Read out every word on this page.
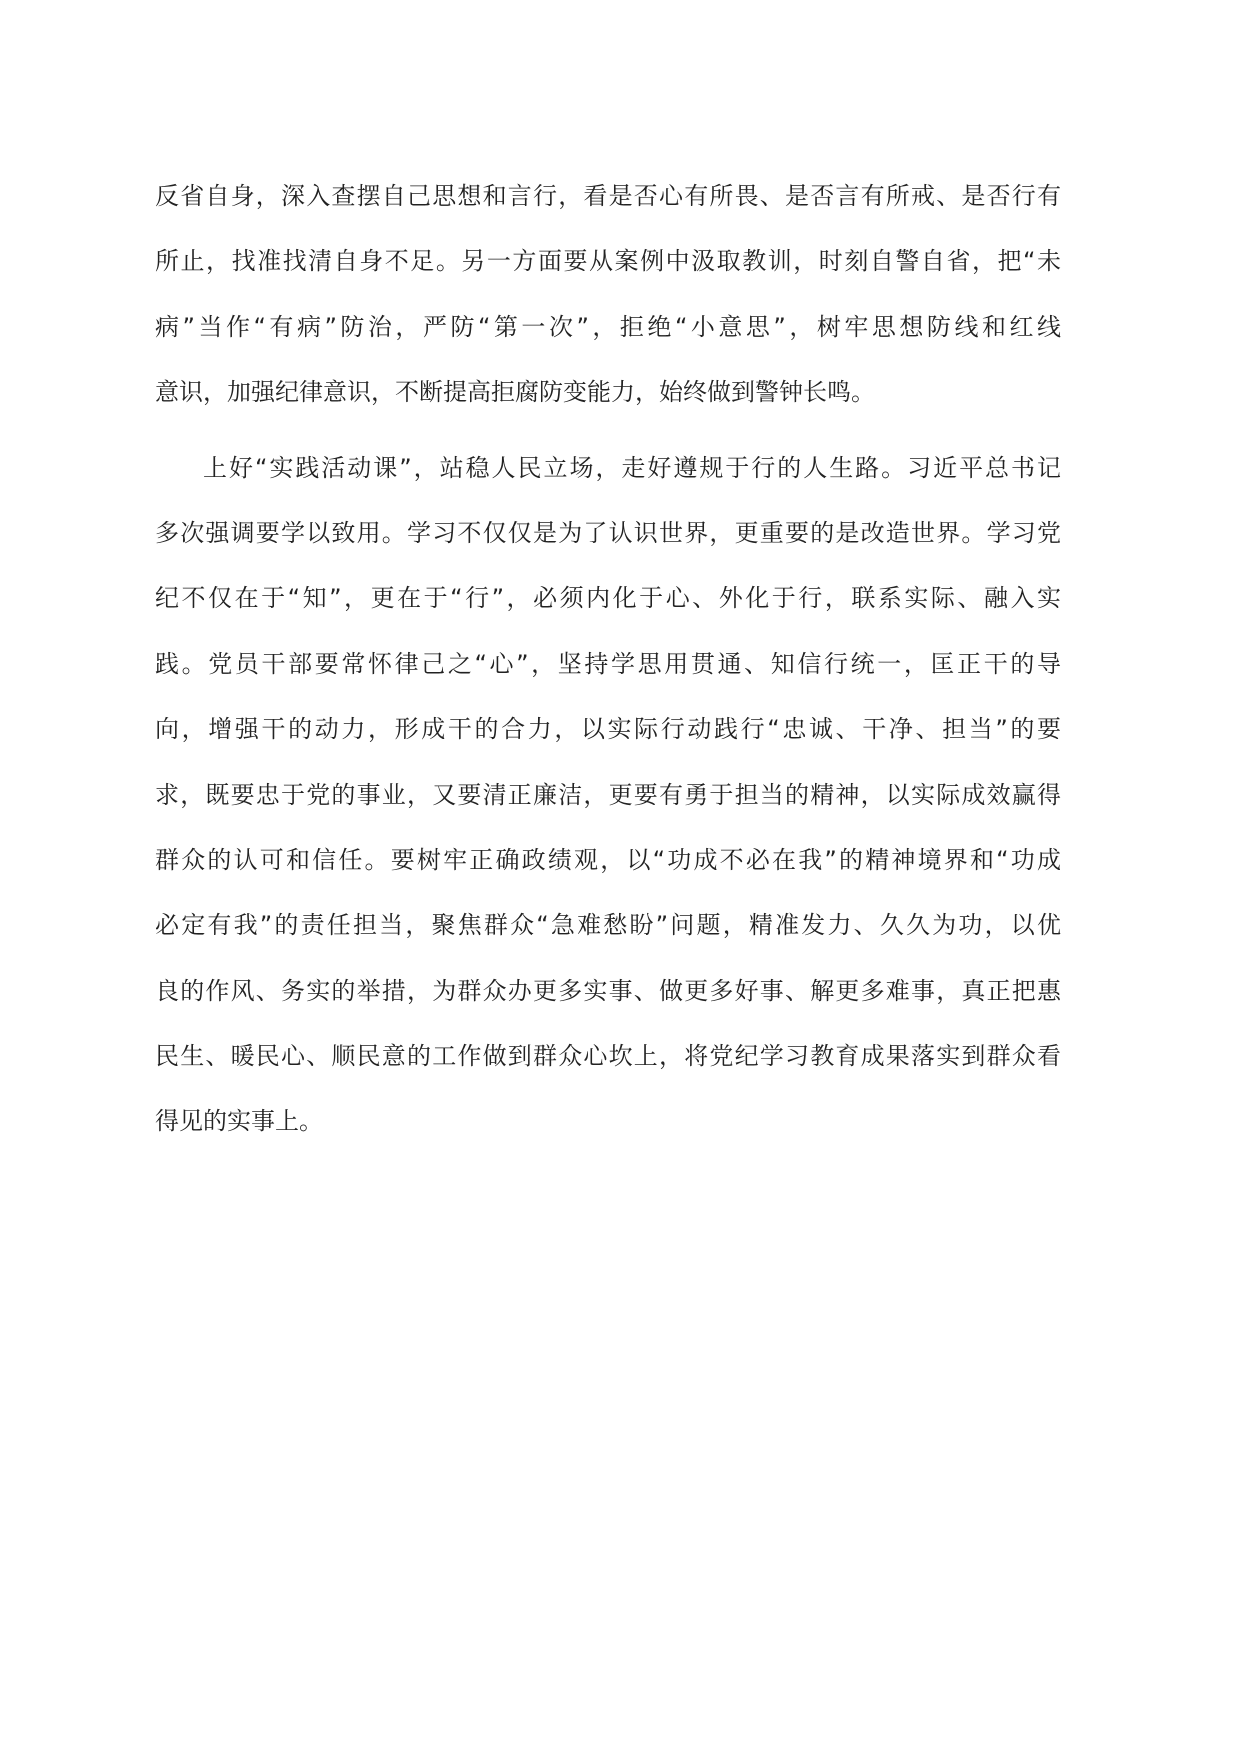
反省自身，深入查摆自己思想和言行，看是否心有所畏、是否言有所戒、是否行有
所止，找准找清自身不足。另一方面要从案例中汲取教训，时刻自警自省，把“未
病”当作“有病”防治，严防“第一次”，拒绝“小意思”，树牢思想防线和红线
意识，加强纪律意识，不断提高拒腐防变能力，始终做到警钟长鸣。
上好“实践活动课”，站稳人民立场，走好遵规于行的人生路。习近平总书记
多次强调要学以致用。学习不仅仅是为了认识世界，更重要的是改造世界。学习党
纪不仅在于“知”，更在于“行”，必须内化于心、外化于行，联系实际、融入实
践。党员干部要常怀律己之“心”，坚持学思用贯通、知信行统一，匡正干的导
向，增强干的动力，形成干的合力，以实际行动践行“忠诚、干净、担当”的要
求，既要忠于党的事业，又要清正廉洁，更要有勇于担当的精神，以实际成效赢得
群众的认可和信任。要树牢正确政绩观，以“功成不必在我”的精神境界和“功成
必定有我”的责任担当，聚焦群众“急难愁盼”问题，精准发力、久久为功，以优
良的作风、务实的举措，为群众办更多实事、做更多好事、解更多难事，真正把惠
民生、暖民心、顺民意的工作做到群众心坎上，将党纪学习教育成果落实到群众看
得见的实事上。
